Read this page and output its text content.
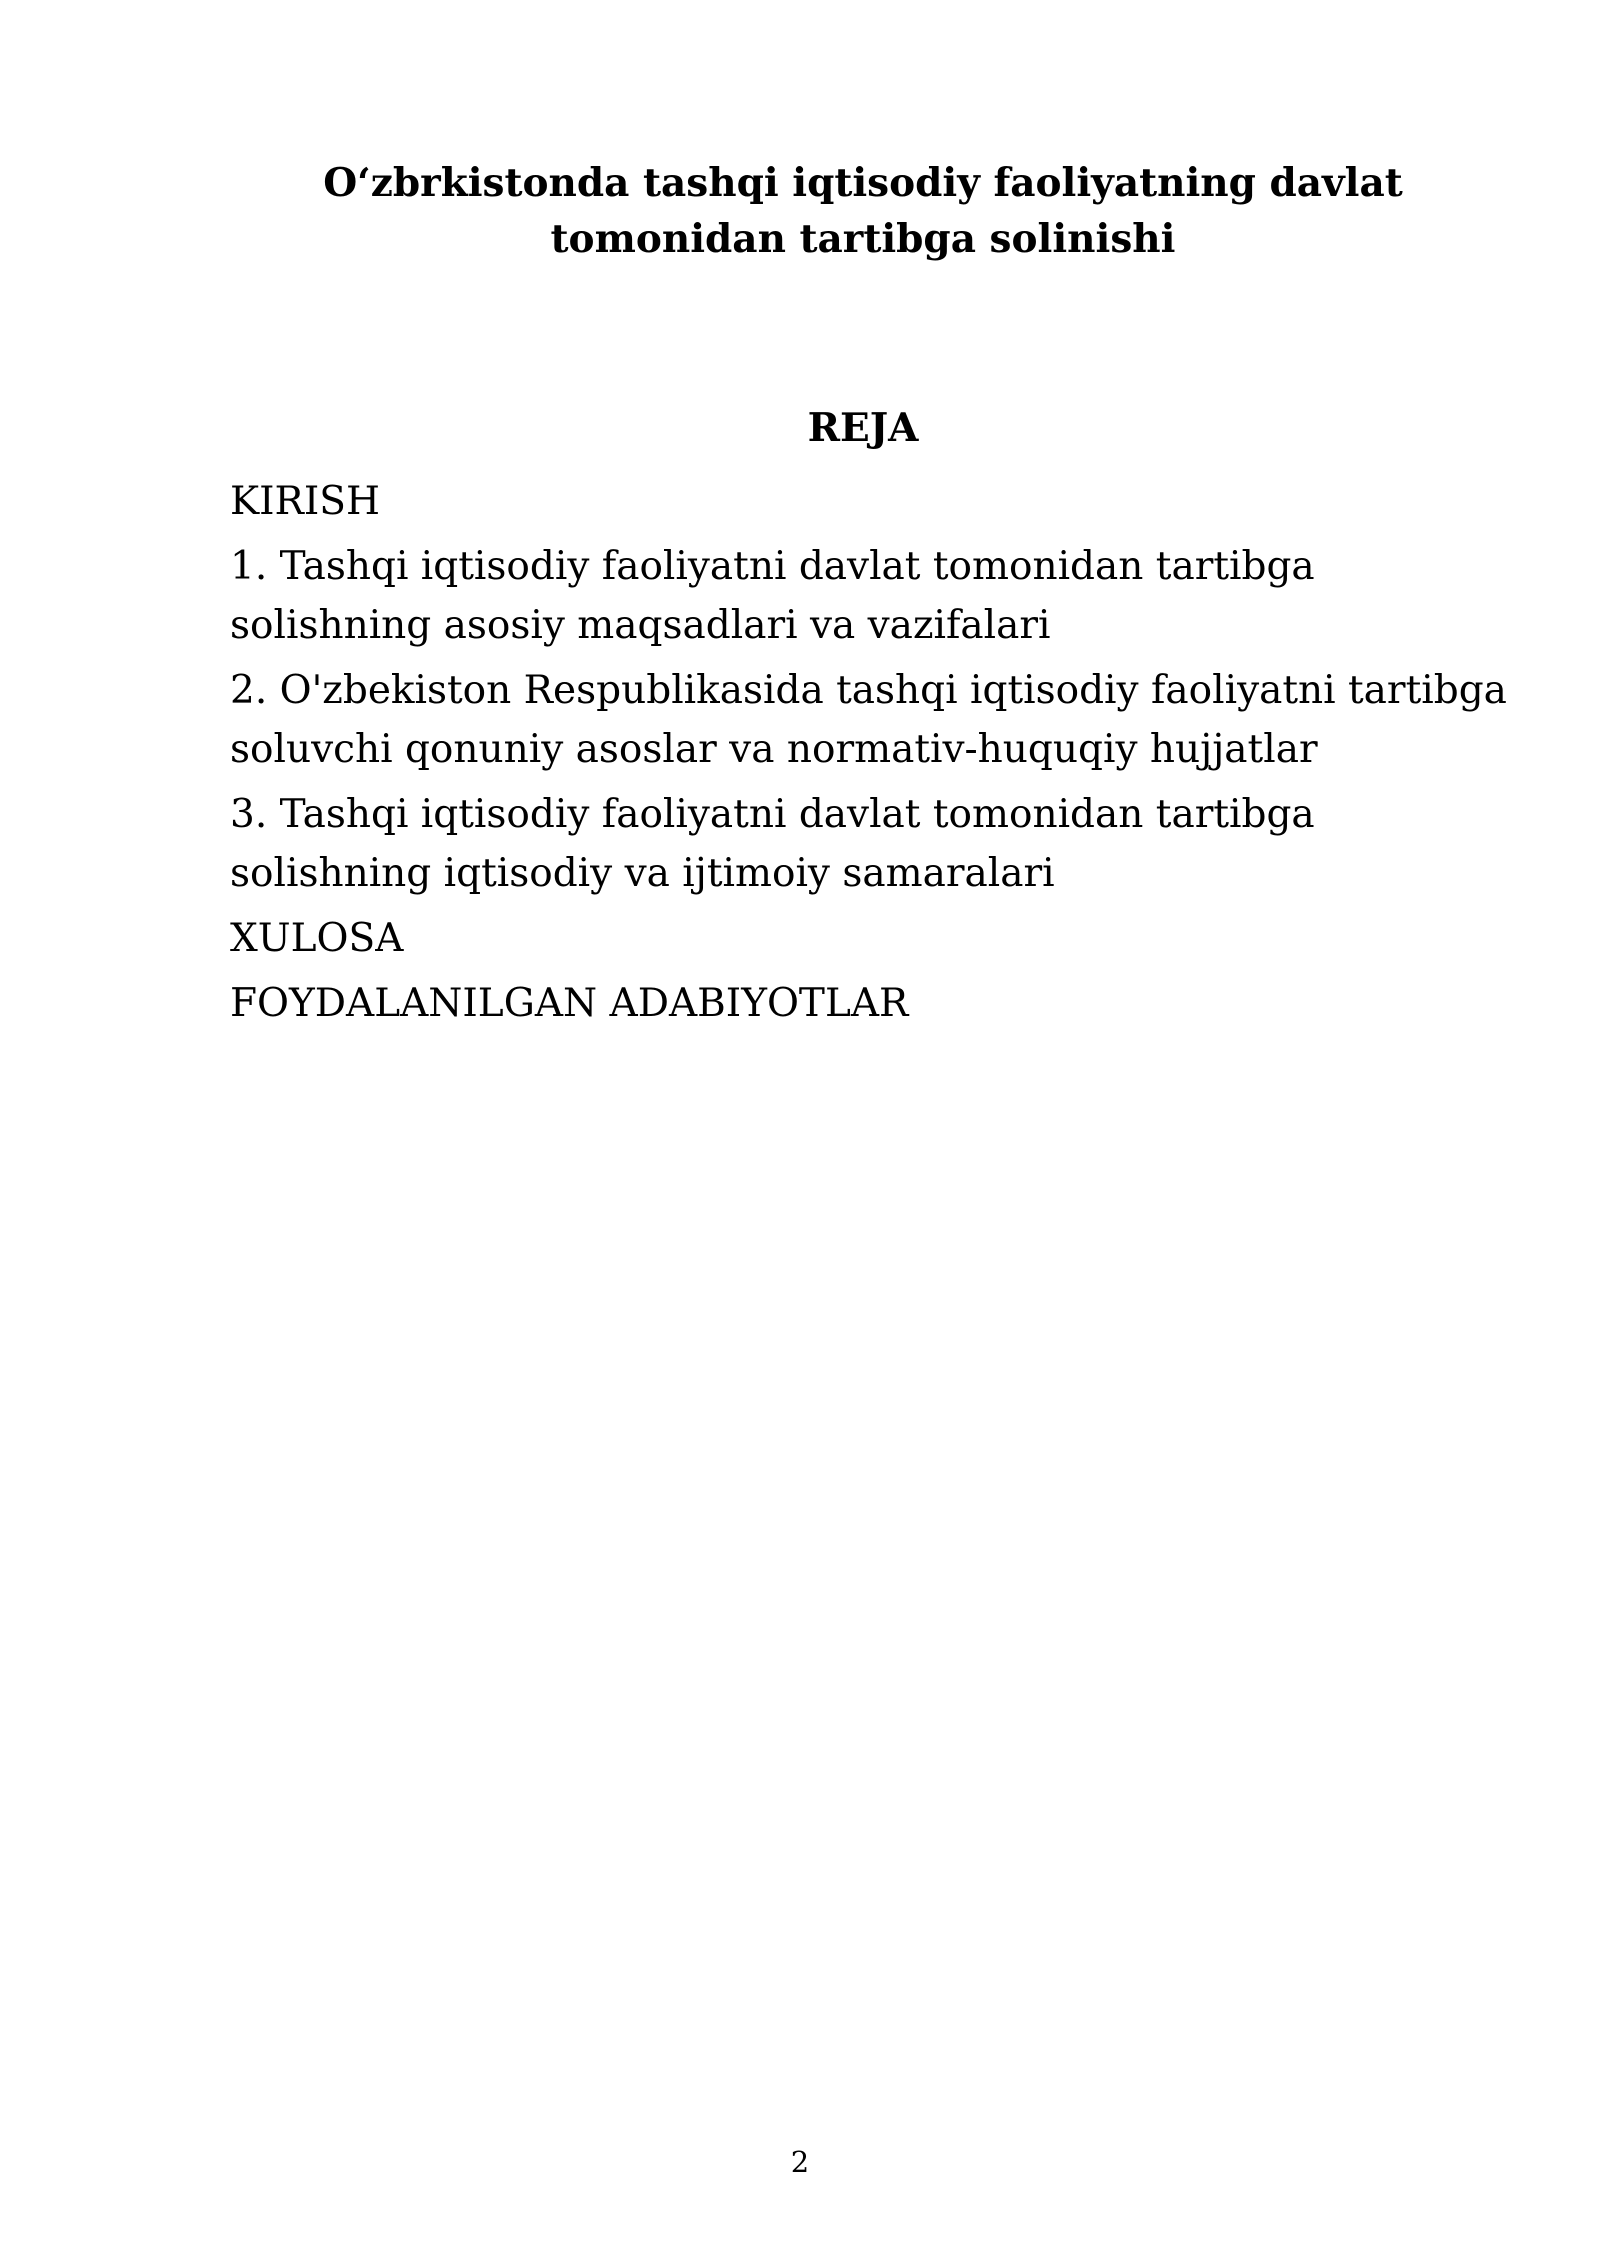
O‘zbrkistonda tashqi iqtisodiy faoliyatning davlat tomonidan tartibga solinishi
REJA
KIRISH
1. Tashqi iqtisodiy faoliyatni davlat tomonidan tartibga solishning asosiy maqsadlari va vazifalari
2. O'zbekiston Respublikasida tashqi iqtisodiy faoliyatni tartibga soluvchi qonuniy asoslar va normativ-huquqiy hujjatlar
3. Tashqi iqtisodiy faoliyatni davlat tomonidan tartibga solishning iqtisodiy va ijtimoiy samaralari
XULOSA
FOYDALANILGAN ADABIYOTLAR
2
